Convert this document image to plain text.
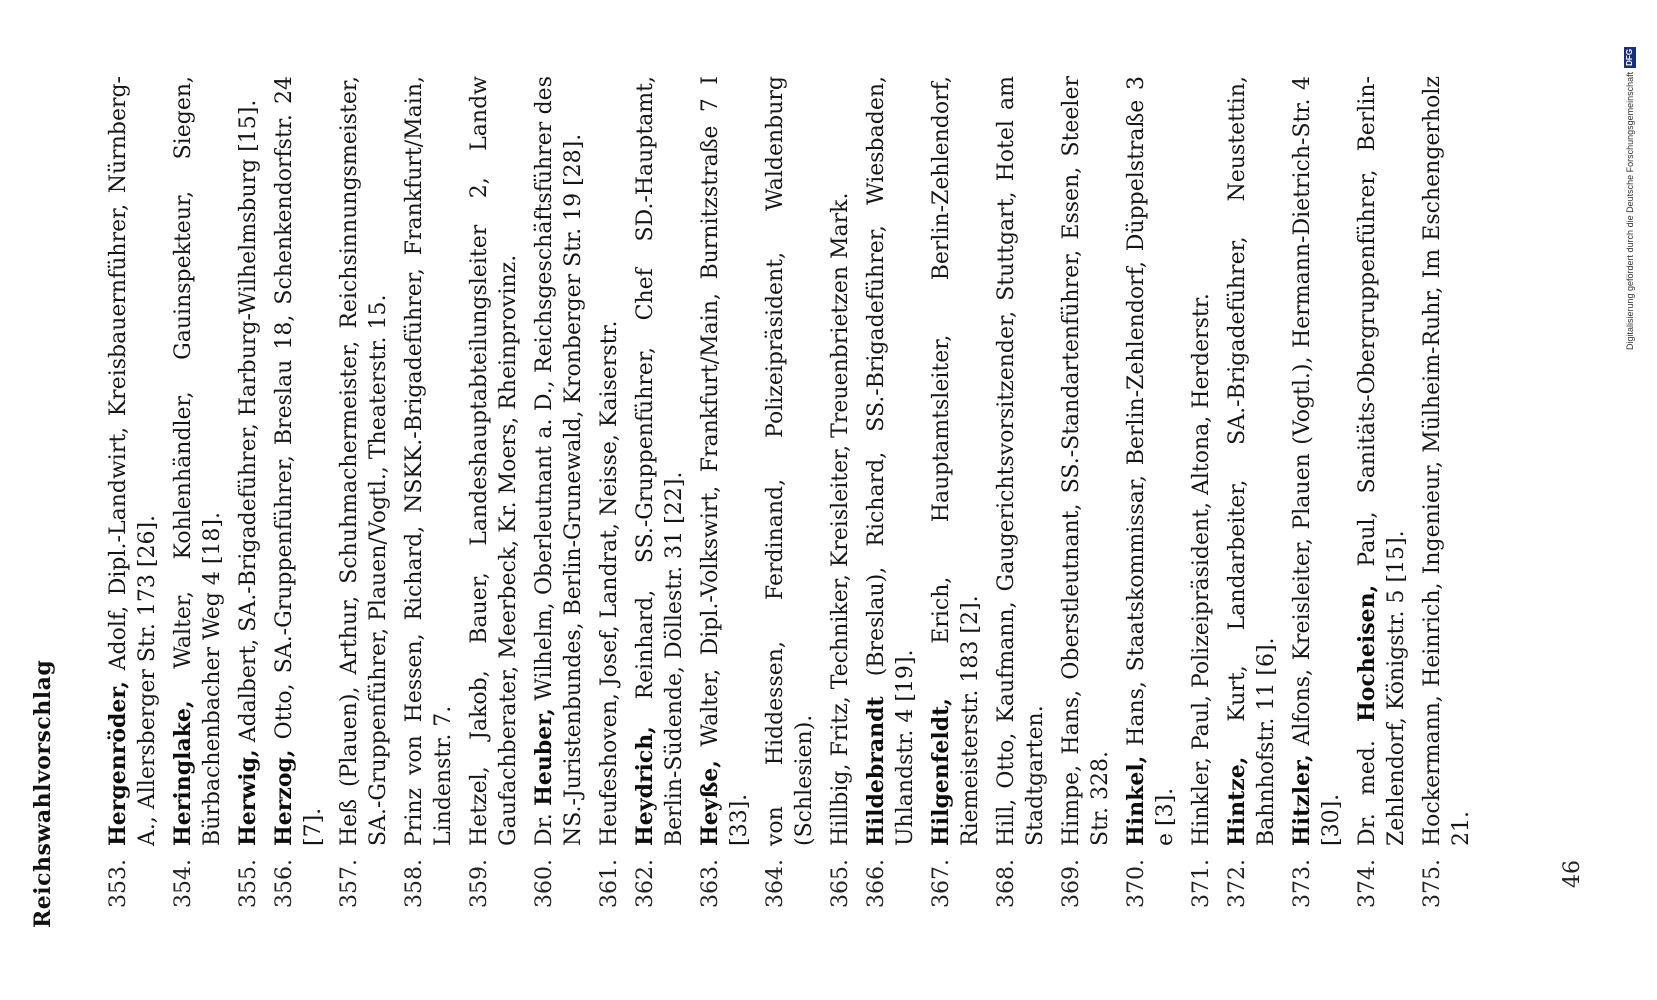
Reichswahlvorschlag 353.
Hergenröder, Adolf, Dipl.-Landwirt, Kreisbauernführer, Nürnberg-A., Allersberger Str. 173 [26].
354.
Heringlake, Walter, Kohlenhändler, Gauinspekteur, Siegen, Bürbachenbacher Weg 4 [18].
355.
Herwig, Adalbert, SA.-Brigadeführer, Harburg-Wilhelmsburg [15].
356.
Herzog, Otto, SA.-Gruppenführer, Breslau 18, Schenkendorfstr. 24 [7].
357.
Heß (Plauen), Arthur, Schuhmachermeister, Reichsinnungsmeister, SA.-Gruppenführer, Plauen/Vogtl., Theaterstr. 15.
358.
Prinz von Hessen, Richard, NSKK.-Brigadeführer, Frankfurt/Main, Lindenstr. 7.
359.
Hetzel, Jakob, Bauer, Landeshauptabteilungsleiter 2, Landw Gaufachberater, Meerbeck, Kr. Moers, Rheinprovinz.
360.
Dr. Heuber, Wilhelm, Oberleutnant a. D., Reichsgeschäftsführer des NS.-Juristenbundes, Berlin-Grunewald, Kronberger Str. 19 [28].
361.
Heufeshoven, Josef, Landrat, Neisse, Kaiserstr.
362.
Heydrich, Reinhard, SS.-Gruppenführer, Chef SD.-Hauptamt, Berlin-Südende, Döllestr. 31 [22].
363.
Heyße, Walter, Dipl.-Volkswirt, Frankfurt/Main, Burnitzstraße 7 I [33].
364.
von Hiddessen, Ferdinand, Polizeipräsident, Waldenburg (Schlesien).
365.
Hillbig, Fritz, Techniker, Kreisleiter, Treuenbrietzen Mark.
366.
Hildebrandt (Breslau), Richard, SS.-Brigadeführer, Wiesbaden, Uhlandstr. 4 [19].
367.
Hilgenfeldt, Erich, Hauptamtsleiter, Berlin-Zehlendorf, Riemeisterstr. 183 [2].
368.
Hill, Otto, Kaufmann, Gaugerichtsvorsitzender, Stuttgart, Hotel am Stadtgarten.
369.
Himpe, Hans, Oberstleutnant, SS.-Standartenführer, Essen, Steeler Str. 328.
370.
Hinkel, Hans, Staatskommissar, Berlin-Zehlendorf, Düppelstraße 3 e [3].
371.
Hinkler, Paul, Polizeipräsident, Altona, Herderstr.
372.
Hintze, Kurt, Landarbeiter, SA.-Brigadeführer, Neustettin, Bahnhofstr. 11 [6].
373.
Hitzler, Alfons, Kreisleiter, Plauen (Vogtl.), Hermann-Dietrich-Str. 4 [30].
374.
Dr. med. Hocheisen, Paul, Sanitäts-Obergruppenführer, Berlin-Zehlendorf, Königstr. 5 [15].
375.
Hockermann, Heinrich, Ingenieur, Mülheim-Ruhr, Im Eschengerholz 21.
46
Digitalisierung gefördert durch die Deutsche Forschungsgemeinschaft
DFG
